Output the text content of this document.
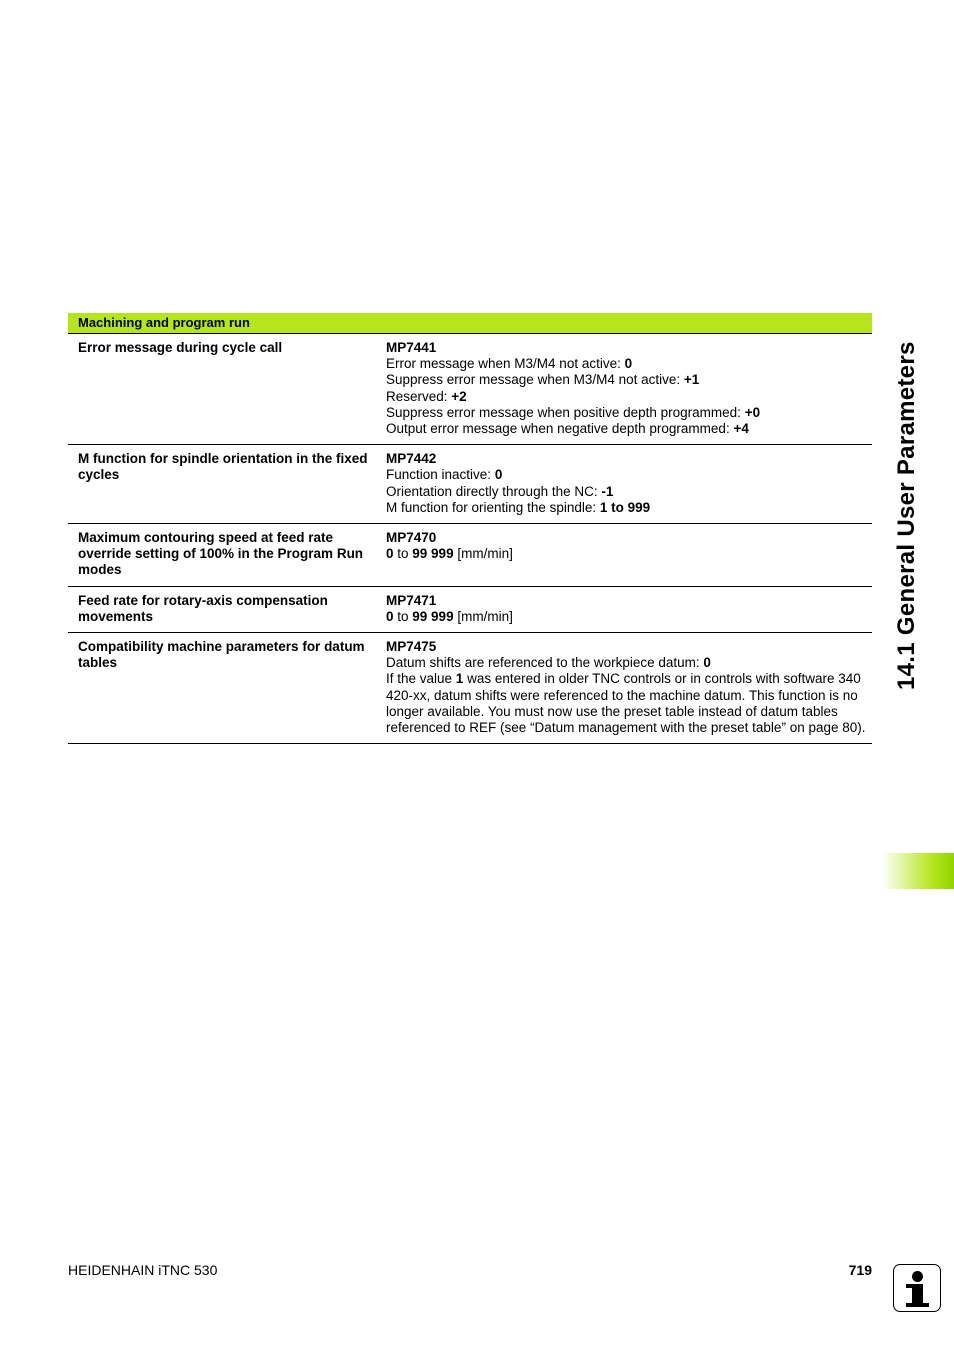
Machining and program run
Error message during cycle call	MP7441
Error message when M3/M4 not active: 0
Suppress error message when M3/M4 not active: +1
Reserved: +2
Suppress error message when positive depth programmed: +0
Output error message when negative depth programmed: +4
M function for spindle orientation in the fixed cycles
MP7442
Function inactive: 0
Orientation directly through the NC: -1
M function for orienting the spindle: 1 to 999
Maximum contouring speed at feed rate override setting of 100% in the Program Run modes
MP7470
0 to 99 999 [mm/min]
Feed rate for rotary-axis compensation movements
MP7471
0 to 99 999 [mm/min]
Compatibility machine parameters for datum tables
MP7475
Datum shifts are referenced to the workpiece datum: 0
If the value 1 was entered in older TNC controls or in controls with software 340 420-xx, datum shifts were referenced to the machine datum. This function is no longer available. You must now use the preset table instead of datum tables referenced to REF (see “Datum management with the preset table” on page 80).
14.1 General User Parameters
HEIDENHAIN iTNC 530	719
